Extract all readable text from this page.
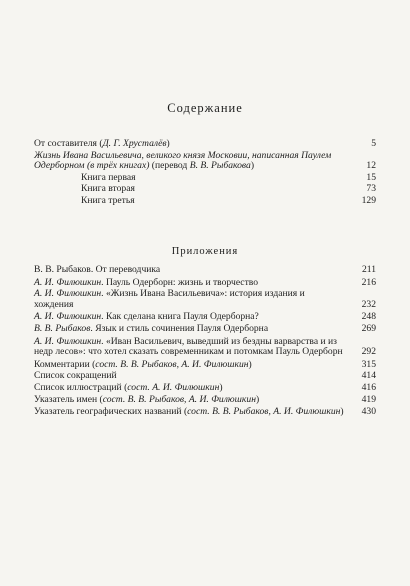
Содержание

От составителя (Д. Г. Хрусталёв)	5

Жизнь Ивана Васильевича, великого князя Московии, написанная Паулем Одерборном (в трёх книгах) (перевод В. В. Рыбакова)	12

Книга первая	15

Книга вторая	73

Книга третья	129

Приложения

В. В. Рыбаков. От переводчика	211

А. И. Филюшкин. Пауль Одерборн: жизнь и творчество	216

А. И. Филюшкин. «Жизнь Ивана Васильевича»: история издания и хождения	232

А. И. Филюшкин. Как сделана книга Пауля Одерборна?	248

В. В. Рыбаков. Язык и стиль сочинения Пауля Одерборна	269

А. И. Филюшкин. «Иван Васильевич, выведший из бездны варварства и из недр лесов»: что хотел сказать современникам и потомкам Пауль Одерборн	292

Комментарии (сост. В. В. Рыбаков, А. И. Филюшкин)	315

Список сокращений	414

Список иллюстраций (сост. А. И. Филюшкин)	416

Указатель имен (сост. В. В. Рыбаков, А. И. Филюшкин)	419

Указатель географических названий (сост. В. В. Рыбаков, А. И. Филюшкин)	430
